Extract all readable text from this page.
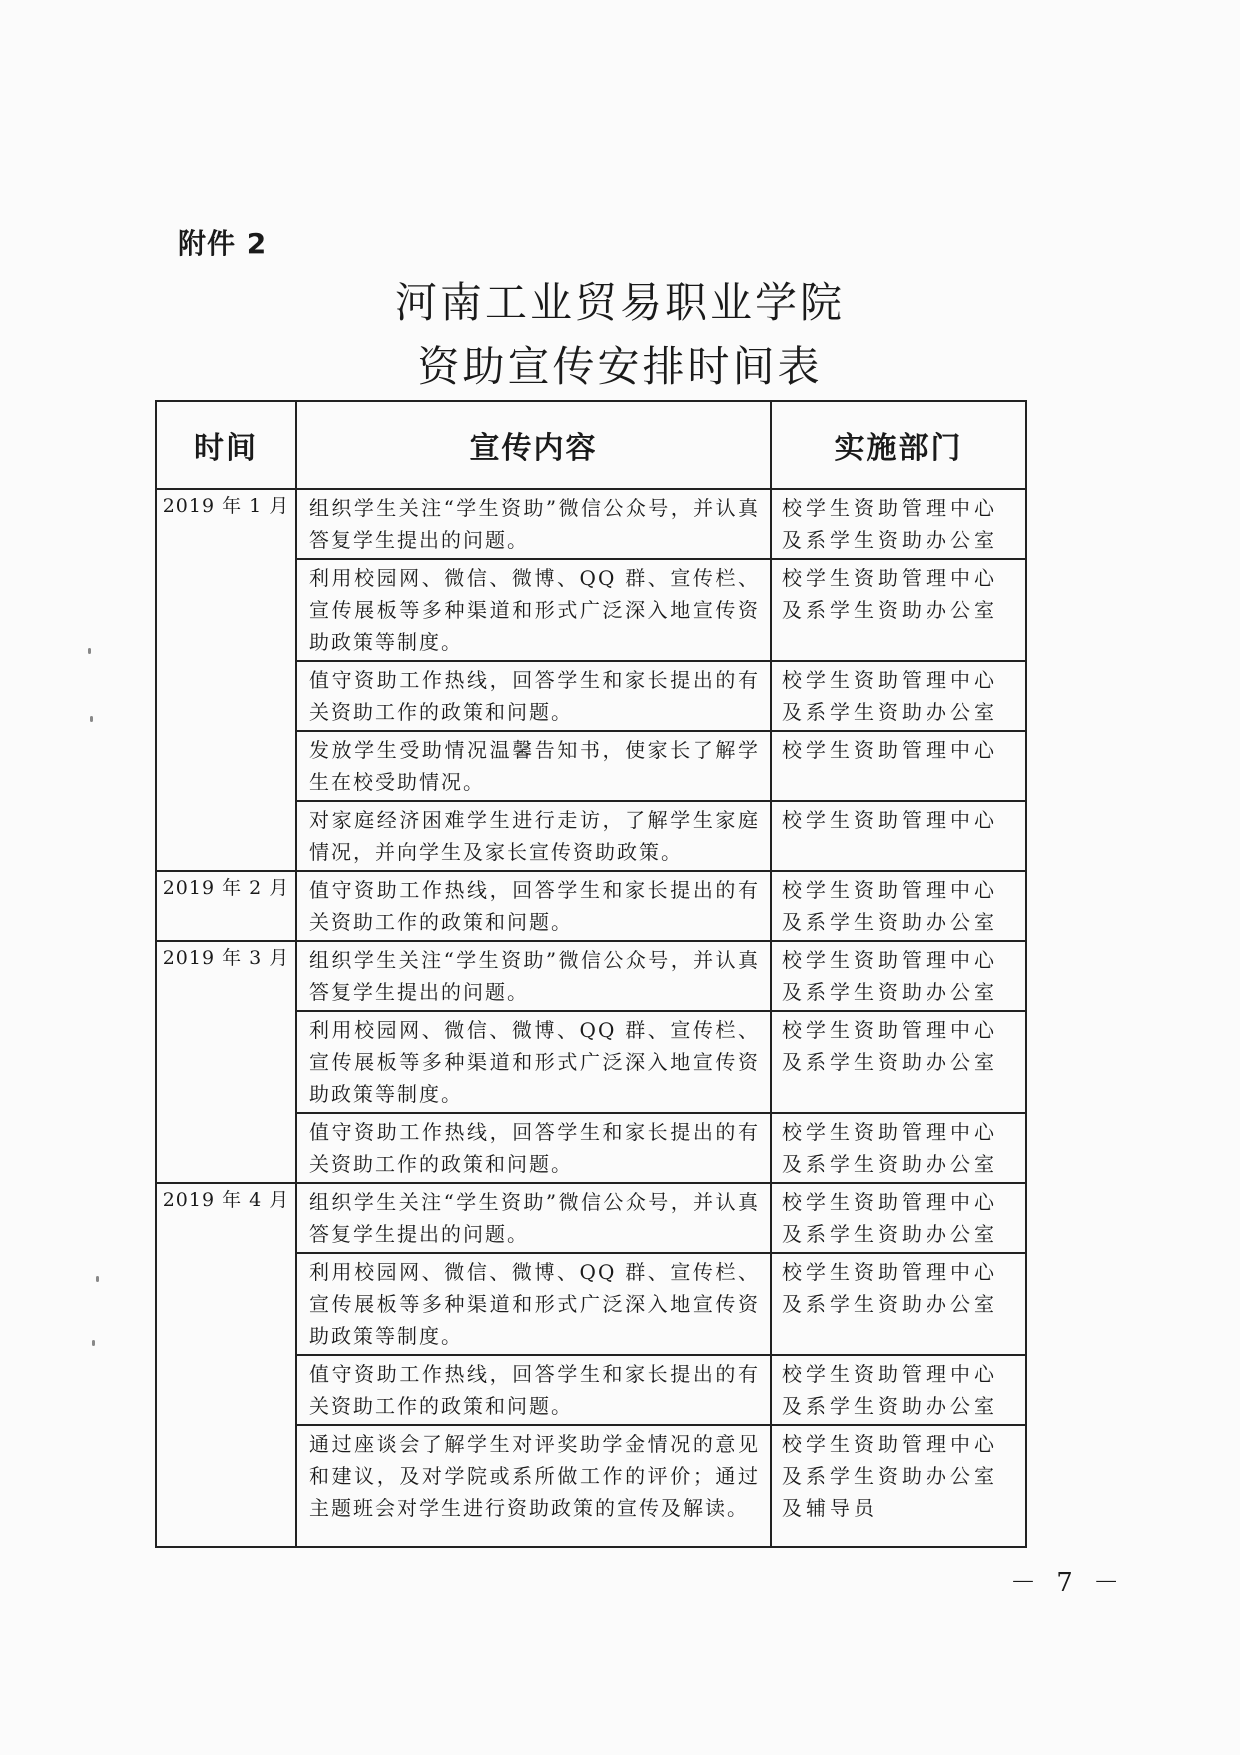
附件 2
河南工业贸易职业学院
资助宣传安排时间表
时间	宣传内容	实施部门
2019 年 1 月	组织学生关注“学生资助”微信公众号，并认真答复学生提出的问题。	校学生资助管理中心及系学生资助办公室
	利用校园网、微信、微博、QQ 群、宣传栏、宣传展板等多种渠道和形式广泛深入地宣传资助政策等制度。	校学生资助管理中心及系学生资助办公室
	值守资助工作热线，回答学生和家长提出的有关资助工作的政策和问题。	校学生资助管理中心及系学生资助办公室
	发放学生受助情况温馨告知书，使家长了解学生在校受助情况。	校学生资助管理中心
	对家庭经济困难学生进行走访，了解学生家庭情况，并向学生及家长宣传资助政策。	校学生资助管理中心
2019 年 2 月	值守资助工作热线，回答学生和家长提出的有关资助工作的政策和问题。	校学生资助管理中心及系学生资助办公室
2019 年 3 月	组织学生关注“学生资助”微信公众号，并认真答复学生提出的问题。	校学生资助管理中心及系学生资助办公室
	利用校园网、微信、微博、QQ 群、宣传栏、宣传展板等多种渠道和形式广泛深入地宣传资助政策等制度。	校学生资助管理中心及系学生资助办公室
	值守资助工作热线，回答学生和家长提出的有关资助工作的政策和问题。	校学生资助管理中心及系学生资助办公室
2019 年 4 月	组织学生关注“学生资助”微信公众号，并认真答复学生提出的问题。	校学生资助管理中心及系学生资助办公室
	利用校园网、微信、微博、QQ 群、宣传栏、宣传展板等多种渠道和形式广泛深入地宣传资助政策等制度。	校学生资助管理中心及系学生资助办公室
	值守资助工作热线，回答学生和家长提出的有关资助工作的政策和问题。	校学生资助管理中心及系学生资助办公室
	通过座谈会了解学生对评奖助学金情况的意见和建议，及对学院或系所做工作的评价；通过主题班会对学生进行资助政策的宣传及解读。	校学生资助管理中心及系学生资助办公室及辅导员
－ 7 －
